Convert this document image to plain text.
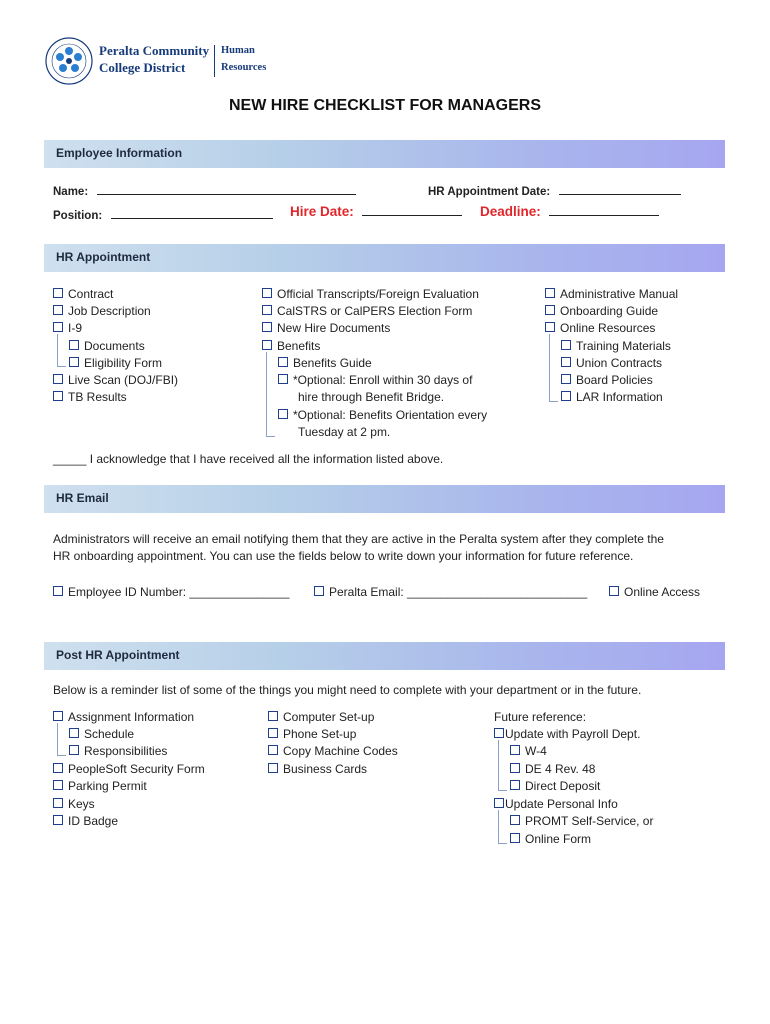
Peralta Community
College District
Human
Resources
NEW HIRE CHECKLIST FOR MANAGERS
Employee Information
Name:	HR Appointment Date:
Position:	Hire Date:	Deadline:
HR Appointment
Contract
Job Description
I-9
Documents
Eligibility Form
Live Scan (DOJ/FBI)
TB Results
Official Transcripts/Foreign Evaluation
CalSTRS or CalPERS Election Form
New Hire Documents
Benefits
Benefits Guide
*Optional: Enroll within 30 days of
hire through Benefit Bridge.
*Optional: Benefits Orientation every
Tuesday at 2 pm.
Administrative Manual
Onboarding Guide
Online Resources
Training Materials
Union Contracts
Board Policies
LAR Information
_____ I acknowledge that I have received all the information listed above.
HR Email
Administrators will receive an email notifying them that they are active in the Peralta system after they complete the
HR onboarding appointment. You can use the fields below to write down your information for future reference.
Employee ID Number: _______________	Peralta Email: ___________________________	Online Access
Post HR Appointment
Below is a reminder list of some of the things you might need to complete with your department or in the future.
Assignment Information
Schedule
Responsibilities
PeopleSoft Security Form
Parking Permit
Keys
ID Badge
Computer Set-up
Phone Set-up
Copy Machine Codes
Business Cards
Future reference:
Update with Payroll Dept.
W-4
DE 4 Rev. 48
Direct Deposit
Update Personal Info
PROMT Self-Service, or
Online Form
